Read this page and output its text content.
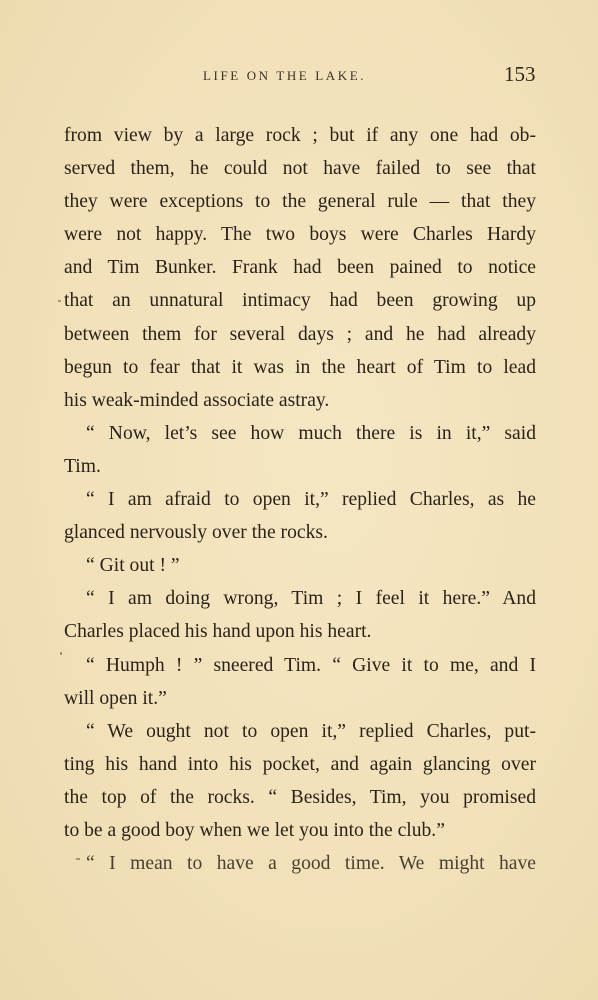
LIFE ON THE LAKE.	153
from view by a large rock ; but if any one had ob-
served them, he could not have failed to see that
they were exceptions to the general rule — that they
were not happy. The two boys were Charles Hardy
and Tim Bunker. Frank had been pained to notice
that an unnatural intimacy had been growing up
between them for several days ; and he had already
begun to fear that it was in the heart of Tim to lead
his weak-minded associate astray.
“ Now, let’s see how much there is in it,” said
Tim.
“ I am afraid to open it,” replied Charles, as he
glanced nervously over the rocks.
“ Git out ! ”
“ I am doing wrong, Tim ; I feel it here.” And
Charles placed his hand upon his heart.
“ Humph ! ” sneered Tim. “ Give it to me, and I
will open it.”
“ We ought not to open it,” replied Charles, put-
ting his hand into his pocket, and again glancing over
the top of the rocks. “ Besides, Tim, you promised
to be a good boy when we let you into the club.”
“ I mean to have a good time. We might have
